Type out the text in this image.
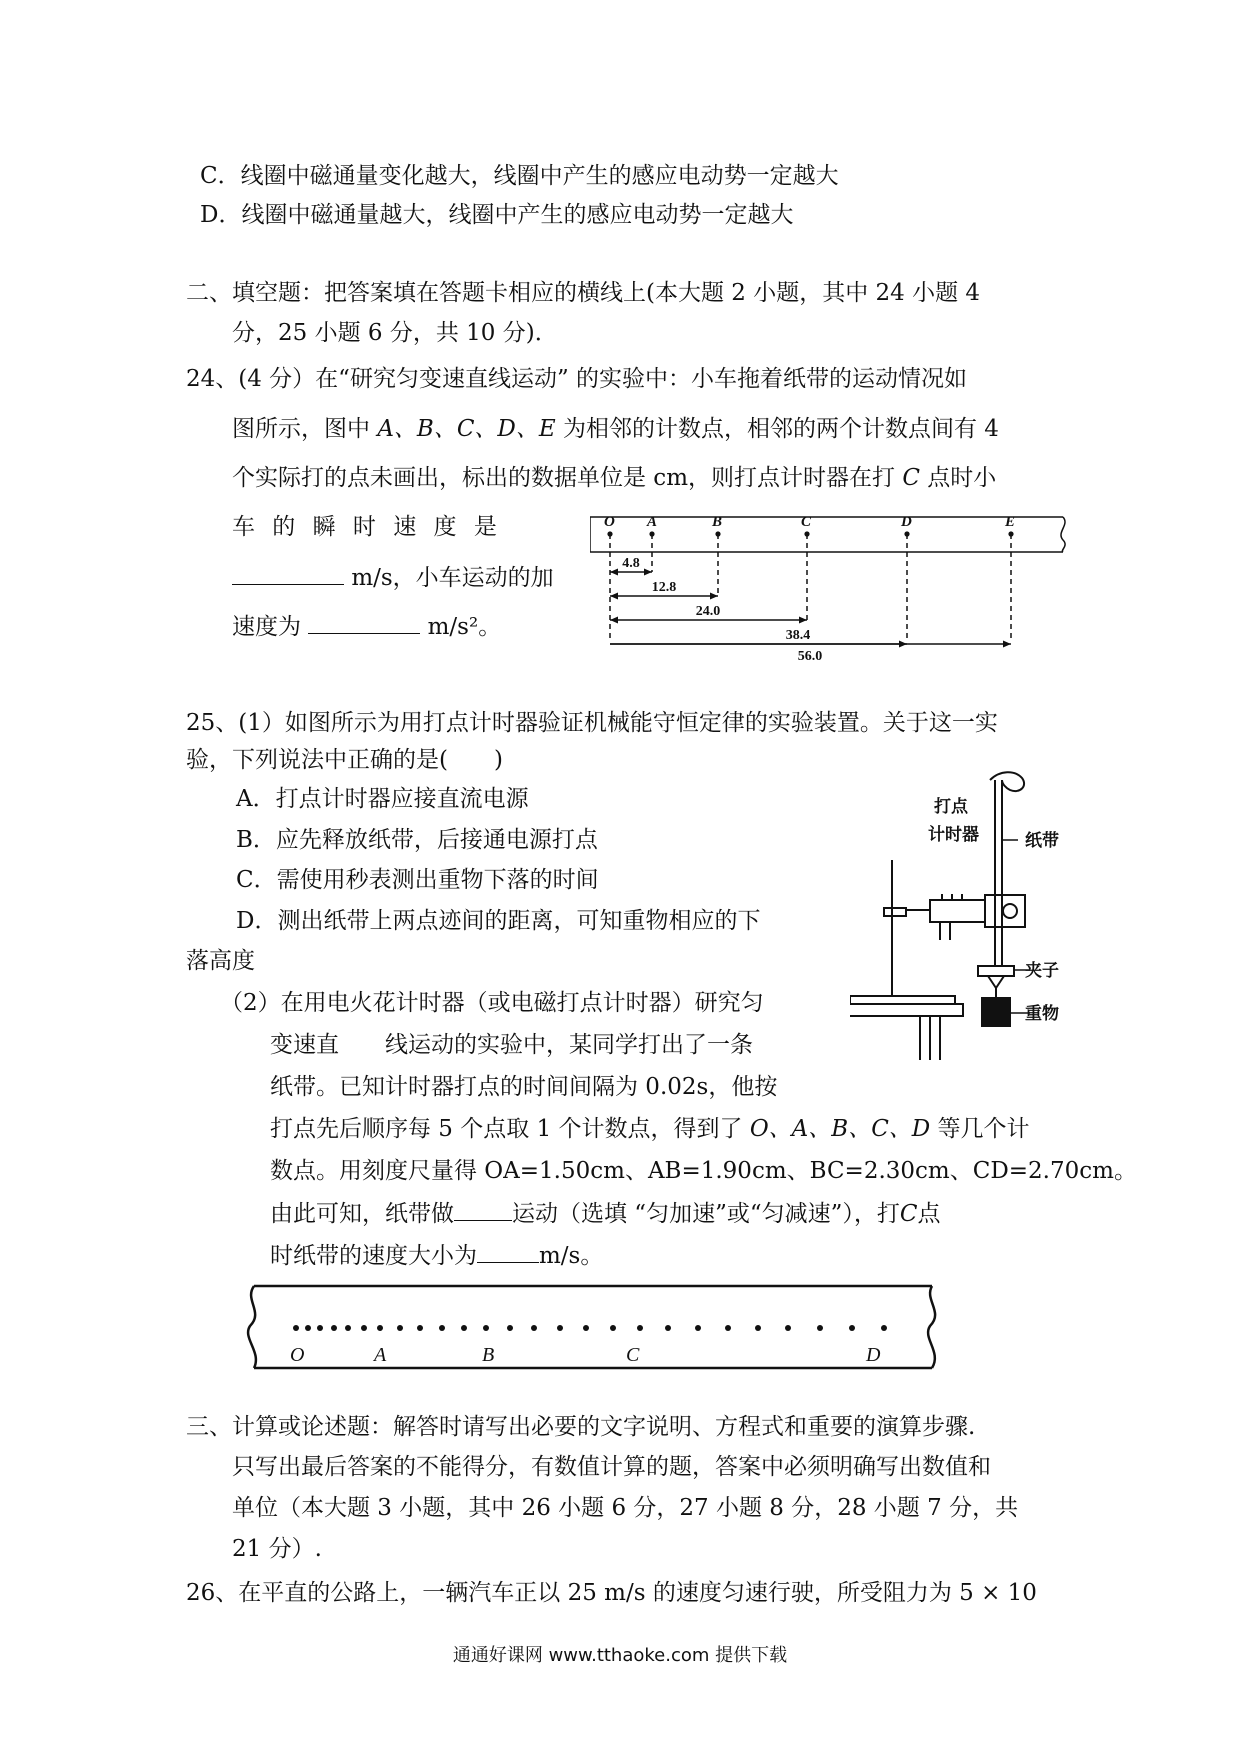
C．线圈中磁通量变化越大，线圈中产生的感应电动势一定越大
D．线圈中磁通量越大，线圈中产生的感应电动势一定越大
二、填空题：把答案填在答题卡相应的横线上(本大题 2 小题，其中 24 小题 4
分，25 小题 6 分，共 10 分)．
24、(4 分）在“研究匀变速直线运动” 的实验中：小车拖着纸带的运动情况如
图所示，图中 A、B、C、D、E 为相邻的计数点，相邻的两个计数点间有 4
个实际打的点未画出，标出的数据单位是 cm，则打点计时器在打 C 点时小
车 的 瞬 时 速 度 是
m/s，小车运动的加
速度为	m/s²。
O A	B	C	D	E
4.8
12.8
24.0
38.4
56.0
25、(1）如图所示为用打点计时器验证机械能守恒定律的实验装置。关于这一实
验，下列说法中正确的是(　　)
A．打点计时器应接直流电源
B．应先释放纸带，后接通电源打点
C．需使用秒表测出重物下落的时间
D．测出纸带上两点迹间的距离，可知重物相应的下
落高度
打点
计时器	纸带
夹子
重物
（2）在用电火花计时器（或电磁打点计时器）研究匀
变速直　　线运动的实验中，某同学打出了一条
纸带。已知计时器打点的时间间隔为 0.02s，他按
打点先后顺序每 5 个点取 1 个计数点，得到了 O、A、B、C、D 等几个计
数点。用刻度尺量得 OA=1.50cm、AB=1.90cm、BC=2.30cm、CD=2.70cm。
由此可知，纸带做	运动（选填 “匀加速”或“匀减速”），打C点
时纸带的速度大小为	m/s。
O	A	B	C	D
三、计算或论述题：解答时请写出必要的文字说明、方程式和重要的演算步骤.
只写出最后答案的不能得分，有数值计算的题，答案中必须明确写出数值和
单位（本大题 3 小题，其中 26 小题 6 分，27 小题 8 分，28 小题 7 分，共
21 分）.
26、在平直的公路上，一辆汽车正以 25 m/s 的速度匀速行驶，所受阻力为 5 × 10
通通好课网 www.tthaoke.com 提供下载
